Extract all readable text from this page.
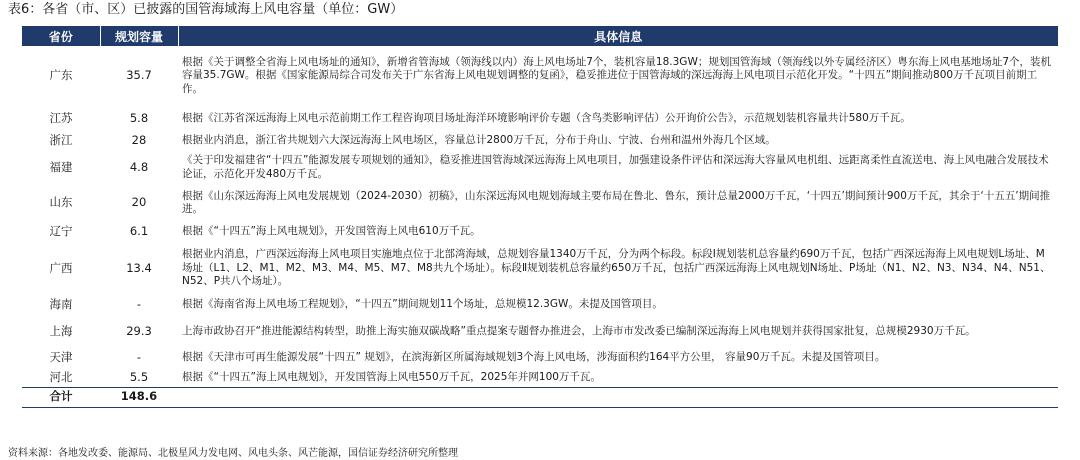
表6：各省（市、区）已披露的国管海域海上风电容量（单位：GW）
省份	规划容量	具体信息
广东	35.7	根据《关于调整全省海上风电场址的通知》，新增省管海域（领海线以内）海上风电场址7个，装机容量18.3GW；规划国管海域（领海线以外专属经济区）粤东海上风电基地场址7个，装机容量35.7GW。根据《国家能源局综合司发布关于广东省海上风电规划调整的复函》，稳妥推进位于国管海域的深远海海上风电项目示范化开发。“十四五”期间推动800万千瓦项目前期工作。
江苏	5.8	根据《江苏省深远海海上风电示范前期工作工程咨询项目场址海洋环境影响评价专题（含鸟类影响评估）公开询价公告》，示范规划装机容量共计580万千瓦。
浙江	28	根据业内消息，浙江省共规划六大深远海海上风电场区，容量总计2800万千瓦，分布于舟山、宁波、台州和温州外海几个区域。
福建	4.8	《关于印发福建省“十四五”能源发展专项规划的通知》，稳妥推进国管海域深远海海上风电项目，加强建设条件评估和深远海大容量风电机组、远距离柔性直流送电、海上风电融合发展技术论证，示范化开发480万千瓦。
山东	20	根据《山东深远海海上风电发展规划（2024-2030）初稿》，山东深远海风电规划海域主要布局在鲁北、鲁东，预计总量2000万千瓦，‘十四五’期间预计900万千瓦，其余于‘十五五’期间推进。
辽宁	6.1	根据《“十四五”海上风电规划》，开发国管海上风电610万千瓦。
广西	13.4	根据业内消息，广西深远海海上风电项目实施地点位于北部湾海域，总规划容量1340万千瓦，分为两个标段。标段Ⅰ规划装机总容量约690万千瓦，包括广西深远海海上风电规划L场址、M场址（L1、L2、M1、M2、M3、M4、M5、M7、M8共九个场址）。标段Ⅱ规划装机总容量约650万千瓦，包括广西深远海海上风电规划N场址、P场址（N1、N2、N3、N34、N4、N51、N52、P共八个场址）。
海南	-	根据《海南省海上风电场工程规划》，“十四五”期间规划11个场址，总规模12.3GW。未提及国管项目。
上海	29.3	上海市政协召开“推进能源结构转型，助推上海实施双碳战略”重点提案专题督办推进会，上海市市发改委已编制深远海海上风电规划并获得国家批复，总规模2930万千瓦。
天津	-	根据《天津市可再生能源发展“十四五” 规划》，在滨海新区所属海域规划3个海上风电场，涉海面积约164平方公里， 容量90万千瓦。未提及国管项目。
河北	5.5	根据《“十四五”海上风电规划》，开发国管海上风电550万千瓦，2025年并网100万千瓦。
合计	148.6	
资料来源：各地发改委、能源局、北极星风力发电网、风电头条、风芒能源，国信证券经济研究所整理
